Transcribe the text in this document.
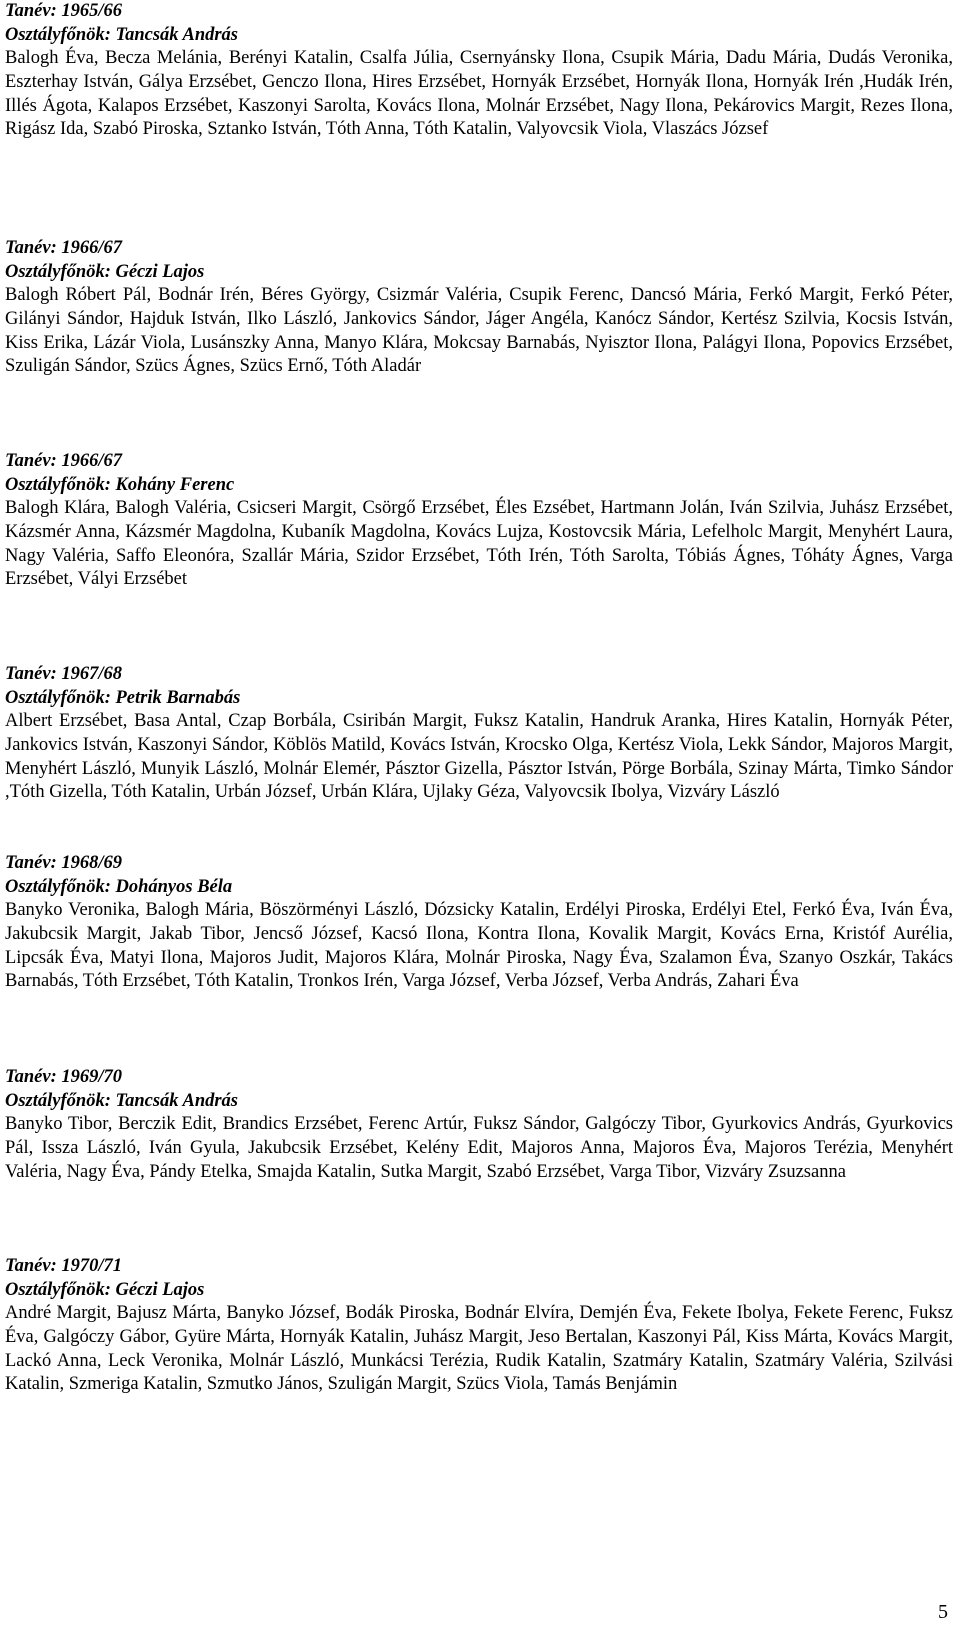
Tanév: 1965/66
Osztályfőnök: Tancsák András
Balogh Éva, Becza Melánia, Berényi Katalin, Csalfa Júlia, Csernyánsky Ilona, Csupik Mária, Dadu Mária, Dudás Veronika, Eszterhay István, Gálya Erzsébet, Genczo Ilona, Hires Erzsébet, Hornyák Erzsébet, Hornyák Ilona, Hornyák Irén ,Hudák Irén, Illés Ágota, Kalapos Erzsébet, Kaszonyi Sarolta, Kovács Ilona, Molnár Erzsébet, Nagy Ilona, Pekárovics Margit, Rezes Ilona, Rigász Ida, Szabó Piroska, Sztanko István, Tóth Anna, Tóth Katalin, Valyovcsik Viola, Vlaszács József
Tanév: 1966/67
Osztályfőnök: Géczi Lajos
Balogh Róbert Pál, Bodnár Irén, Béres György, Csizmár Valéria, Csupik Ferenc, Dancsó Mária, Ferkó Margit, Ferkó Péter, Gilányi Sándor, Hajduk István, Ilko László, Jankovics Sándor, Jáger Angéla, Kanócz Sándor, Kertész Szilvia, Kocsis István, Kiss Erika, Lázár Viola, Lusánszky Anna, Manyo Klára, Mokcsay Barnabás, Nyisztor Ilona, Palágyi Ilona, Popovics Erzsébet, Szuligán Sándor, Szücs Ágnes, Szücs Ernő, Tóth Aladár
Tanév: 1966/67
Osztályfőnök: Kohány Ferenc
Balogh Klára, Balogh Valéria, Csicseri Margit, Csörgő Erzsébet, Éles Ezsébet, Hartmann Jolán, Iván Szilvia, Juhász Erzsébet, Kázsmér Anna, Kázsmér Magdolna, Kubaník Magdolna, Kovács Lujza, Kostovcsik Mária, Lefelholc Margit, Menyhért Laura, Nagy Valéria, Saffo Eleonóra, Szallár Mária, Szidor Erzsébet, Tóth Irén, Tóth Sarolta, Tóbiás Ágnes, Tóháty Ágnes, Varga Erzsébet, Vályi Erzsébet
Tanév: 1967/68
Osztályfőnök: Petrik Barnabás
Albert Erzsébet, Basa Antal, Czap Borbála, Csiribán Margit, Fuksz Katalin, Handruk Aranka, Hires Katalin, Hornyák Péter, Jankovics István, Kaszonyi Sándor, Köblös Matild, Kovács István, Krocsko Olga, Kertész Viola, Lekk Sándor, Majoros Margit, Menyhért László, Munyik László, Molnár Elemér, Pásztor Gizella, Pásztor István, Pörge Borbála, Szinay Márta, Timko Sándor ,Tóth Gizella, Tóth Katalin, Urbán József, Urbán Klára, Ujlaky Géza, Valyovcsik Ibolya, Vizváry László
Tanév: 1968/69
Osztályfőnök: Dohányos Béla
Banyko Veronika, Balogh Mária, Böszörményi László, Dózsicky Katalin, Erdélyi Piroska, Erdélyi Etel, Ferkó Éva, Iván Éva, Jakubcsik Margit, Jakab Tibor, Jencső József, Kacsó Ilona, Kontra Ilona, Kovalik Margit, Kovács Erna, Kristóf Aurélia, Lipcsák Éva, Matyi Ilona, Majoros Judit, Majoros Klára, Molnár Piroska, Nagy Éva, Szalamon Éva, Szanyo Oszkár, Takács Barnabás, Tóth Erzsébet, Tóth Katalin, Tronkos Irén, Varga József, Verba József, Verba András, Zahari Éva
Tanév: 1969/70
Osztályfőnök: Tancsák András
Banyko Tibor, Berczik Edit, Brandics Erzsébet, Ferenc Artúr, Fuksz Sándor, Galgóczy Tibor, Gyurkovics András, Gyurkovics Pál, Issza László, Iván Gyula, Jakubcsik Erzsébet, Kelény Edit, Majoros Anna, Majoros Éva, Majoros Terézia, Menyhért Valéria, Nagy Éva, Pándy Etelka, Smajda Katalin, Sutka Margit, Szabó Erzsébet, Varga Tibor, Vizváry Zsuzsanna
Tanév: 1970/71
Osztályfőnök: Géczi Lajos
André Margit, Bajusz Márta, Banyko József, Bodák Piroska, Bodnár Elvíra, Demjén Éva, Fekete Ibolya, Fekete Ferenc, Fuksz Éva, Galgóczy Gábor, Gyüre Márta, Hornyák Katalin, Juhász Margit, Jeso Bertalan, Kaszonyi Pál, Kiss Márta, Kovács Margit, Lackó Anna, Leck Veronika, Molnár László, Munkácsi Terézia, Rudik Katalin, Szatmáry Katalin, Szatmáry Valéria, Szilvási Katalin, Szmeriga Katalin, Szmutko János, Szuligán Margit, Szücs Viola, Tamás Benjámin
5
